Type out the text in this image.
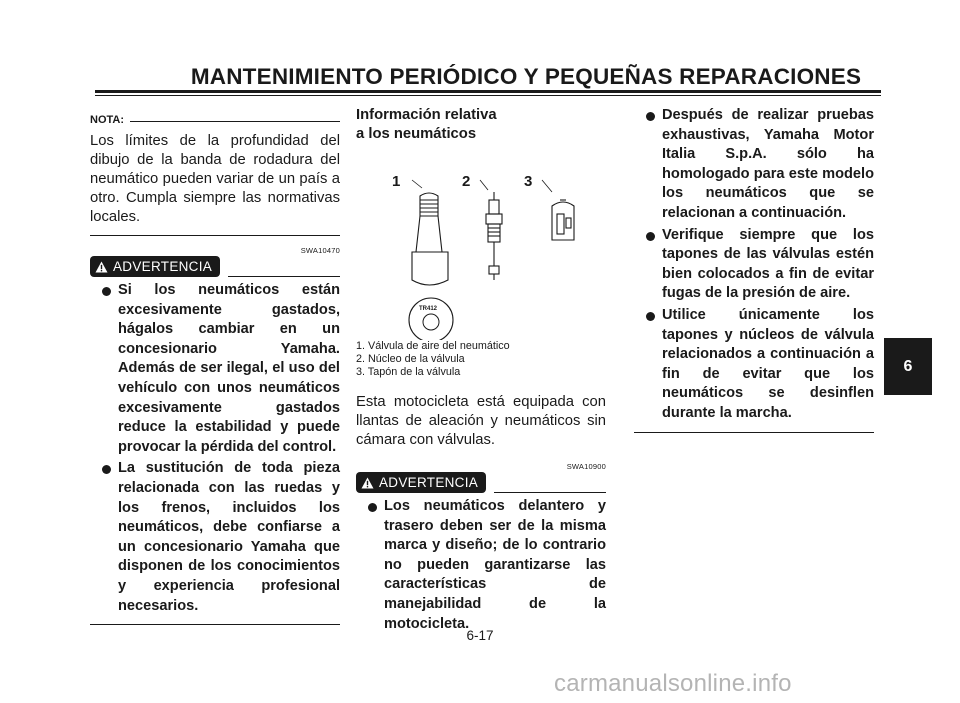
MANTENIMIENTO PERIÓDICO Y PEQUEÑAS REPARACIONES
NOTA:

Los límites de la profundidad del dibujo de la banda de rodadura del neumático pueden variar de un país a otro. Cumpla siempre las normativas locales.

SWA10470
ADVERTENCIA
Si los neumáticos están excesivamente gastados, hágalos cambiar en un concesionario Yamaha. Además de ser ilegal, el uso del vehículo con unos neumáticos excesivamente gastados reduce la estabilidad y puede provocar la pérdida del control.
La sustitución de toda pieza relacionada con las ruedas y los frenos, incluidos los neumáticos, debe confiarse a un concesionario Yamaha que disponen de los conocimientos y experiencia profesional necesarios.

Información relativa
a los neumáticos

1	2	3
TR412
1. Válvula de aire del neumático
2. Núcleo de la válvula
3. Tapón de la válvula

Esta motocicleta está equipada con llantas de aleación y neumáticos sin cámara con válvulas.

SWA10900
ADVERTENCIA
Los neumáticos delantero y trasero deben ser de la misma marca y diseño; de lo contrario no pueden garantizarse las características de manejabilidad de la motocicleta.
Después de realizar pruebas exhaustivas, Yamaha Motor Italia S.p.A. sólo ha homologado para este modelo los neumáticos que se relacionan a continuación.
Verifique siempre que los tapones de las válvulas estén bien colocados a fin de evitar fugas de la presión de aire.
Utilice únicamente los tapones y núcleos de válvula relacionados a continuación a fin de evitar que los neumáticos se desinflen durante la marcha.
6-17
6
carmanualsonline.info
